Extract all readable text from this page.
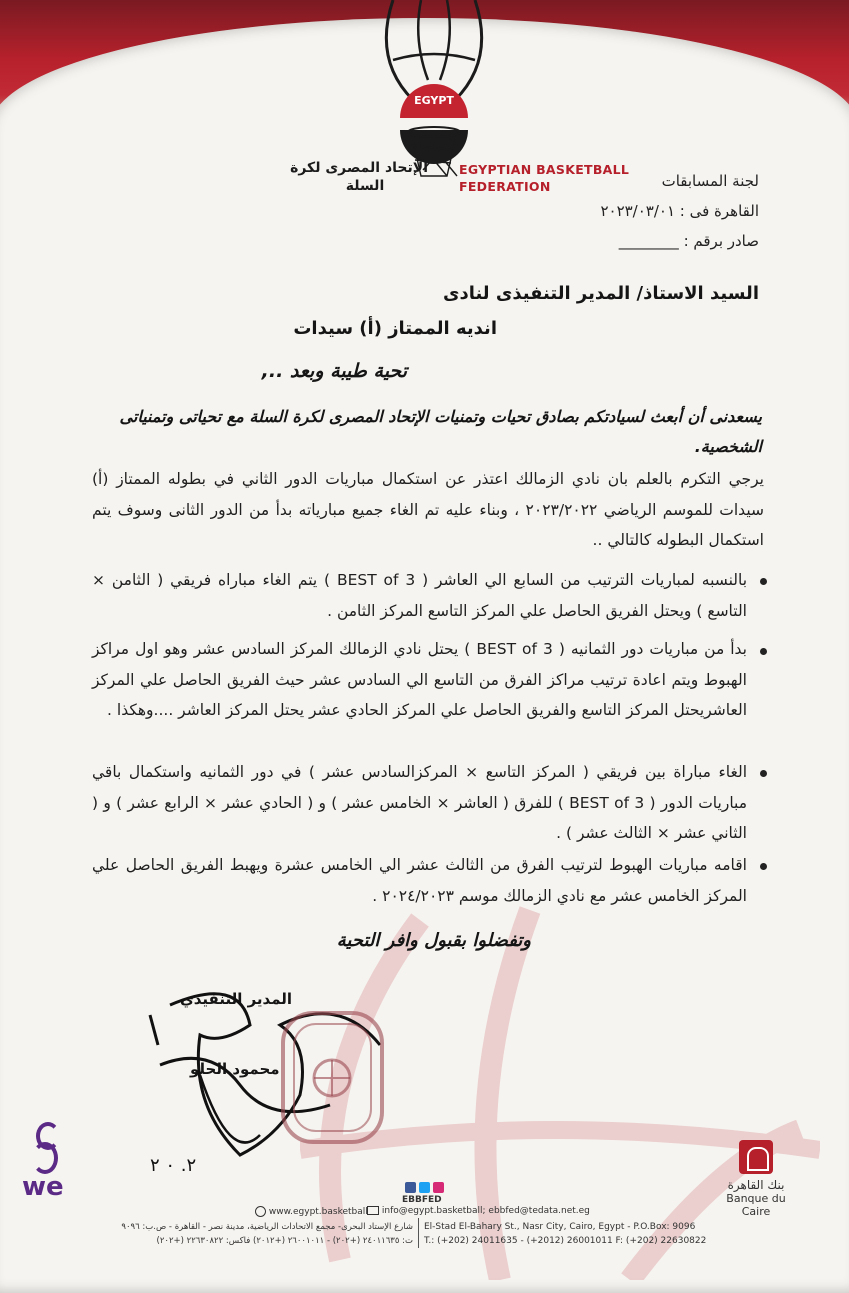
EGYPT
الإتحاد المصرى لكرة
السلة
EGYPTIAN BASKETBALL
FEDERATION	لجنة المسابقات
القاهرة فى : ٢٠٢٣/٠٣/٠١
صادر برقم : ________
السيد الاستاذ/ المدير التنفيذى لنادى
انديه الممتاز (أ) سيدات
تحية طيبة وبعد ..,
يسعدنى أن أبعث لسيادتكم بصادق تحيات وتمنيات الإتحاد المصرى لكرة السلة مع تحياتى وتمنياتى الشخصية.
يرجي التكرم بالعلم بان نادي الزمالك اعتذر عن استكمال مباريات الدور الثاني في بطوله الممتاز (أ) سيدات للموسم الرياضي ٢٠٢٣/٢٠٢٢ ، وبناء عليه تم الغاء جميع مبارياته بدأ من الدور الثانى وسوف يتم استكمال البطوله كالتالي ..
بالنسبه لمباريات الترتيب من السابع الي العاشر ( BEST of 3 ) يتم الغاء مباراه فريقي ( الثامن × التاسع ) ويحتل الفريق الحاصل علي المركز التاسع المركز الثامن .
بدأ من مباريات دور الثمانيه ( BEST of 3 ) يحتل نادي الزمالك المركز السادس عشر وهو اول مراكز الهبوط ويتم اعادة ترتيب مراكز الفرق من التاسع الي السادس عشر حيث الفريق الحاصل علي المركز العاشريحتل المركز التاسع والفريق الحاصل علي المركز الحادي عشر يحتل المركز العاشر ....وهكذا .
الغاء مباراة بين فريقي ( المركز التاسع × المركزالسادس عشر ) في دور الثمانيه واستكمال باقي مباريات الدور ( BEST of 3 ) للفرق ( العاشر × الخامس عشر ) و ( الحادي عشر × الرابع عشر ) و ( الثاني عشر × الثالث عشر ) .
اقامه مباريات الهبوط لترتيب الفرق من الثالث عشر الي الخامس عشرة ويهبط الفريق الحاصل علي المركز الخامس عشر مع نادي الزمالك موسم ٢٠٢٤/٢٠٢٣ .
وتفضلوا بقبول وافر التحية
المدير التنفيذي
محمود الحلو
٢. ٠ ٢
we	بنك القاهرة
Banque du Caire
EBBFED
www.egypt.basketball	info@egypt.basketball; ebbfed@tedata.net.eg
El-Stad El-Bahary St., Nasr City, Cairo, Egypt - P.O.Box: 9096
T.: (+202) 24011635 - (+2012) 26001011 F: (+202) 22630822
شارع الإستاد البحرى- مجمع الاتحادات الرياضية، مدينة نصر - القاهرة - ص.ب: ٩٠٩٦
ت: ٢٤٠١١٦٣٥ (+٢٠٢) - ٢٦٠٠١٠١١ (+٢٠١٢) فاكس: ٢٢٦٣٠٨٢٢ (+٢٠٢)
